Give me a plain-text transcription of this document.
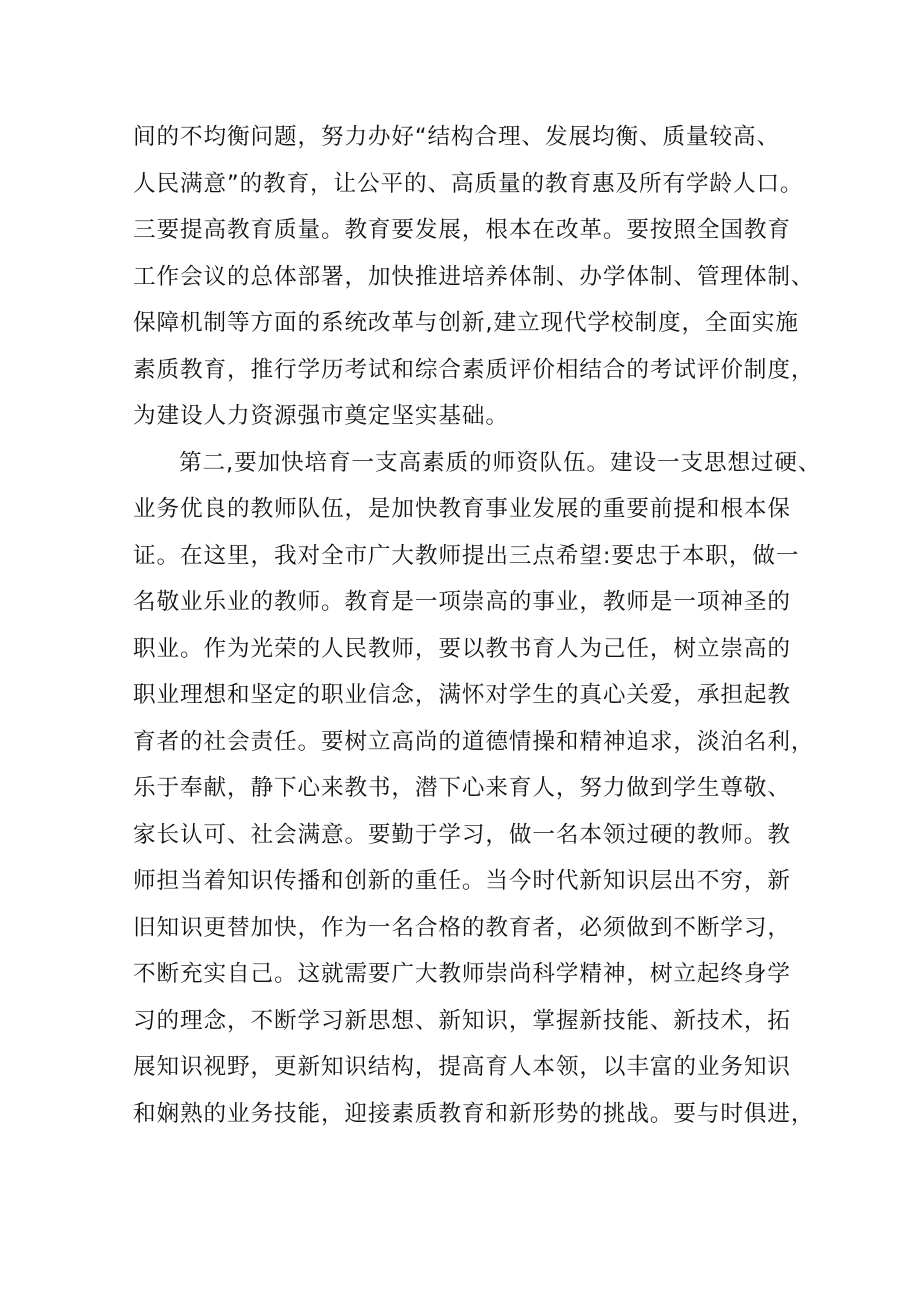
间的不均衡问题，努力办好“结构合理、发展均衡、质量较高、
人民满意”的教育，让公平的、高质量的教育惠及所有学龄人口。
三要提高教育质量。教育要发展，根本在改革。要按照全国教育
工作会议的总体部署，加快推进培养体制、办学体制、管理体制、
保障机制等方面的系统改革与创新,建立现代学校制度，全面实施
素质教育，推行学历考试和综合素质评价相结合的考试评价制度，
为建设人力资源强市奠定坚实基础。
第二,要加快培育一支高素质的师资队伍。建设一支思想过硬、
业务优良的教师队伍，是加快教育事业发展的重要前提和根本保
证。在这里，我对全市广大教师提出三点希望:要忠于本职，做一
名敬业乐业的教师。教育是一项崇高的事业，教师是一项神圣的
职业。作为光荣的人民教师，要以教书育人为己任，树立崇高的
职业理想和坚定的职业信念，满怀对学生的真心关爱，承担起教
育者的社会责任。要树立高尚的道德情操和精神追求，淡泊名利，
乐于奉献，静下心来教书，潜下心来育人，努力做到学生尊敬、
家长认可、社会满意。要勤于学习，做一名本领过硬的教师。教
师担当着知识传播和创新的重任。当今时代新知识层出不穷，新
旧知识更替加快，作为一名合格的教育者，必须做到不断学习，
不断充实自己。这就需要广大教师崇尚科学精神，树立起终身学
习的理念，不断学习新思想、新知识，掌握新技能、新技术，拓
展知识视野，更新知识结构，提高育人本领，以丰富的业务知识
和娴熟的业务技能，迎接素质教育和新形势的挑战。要与时俱进，
